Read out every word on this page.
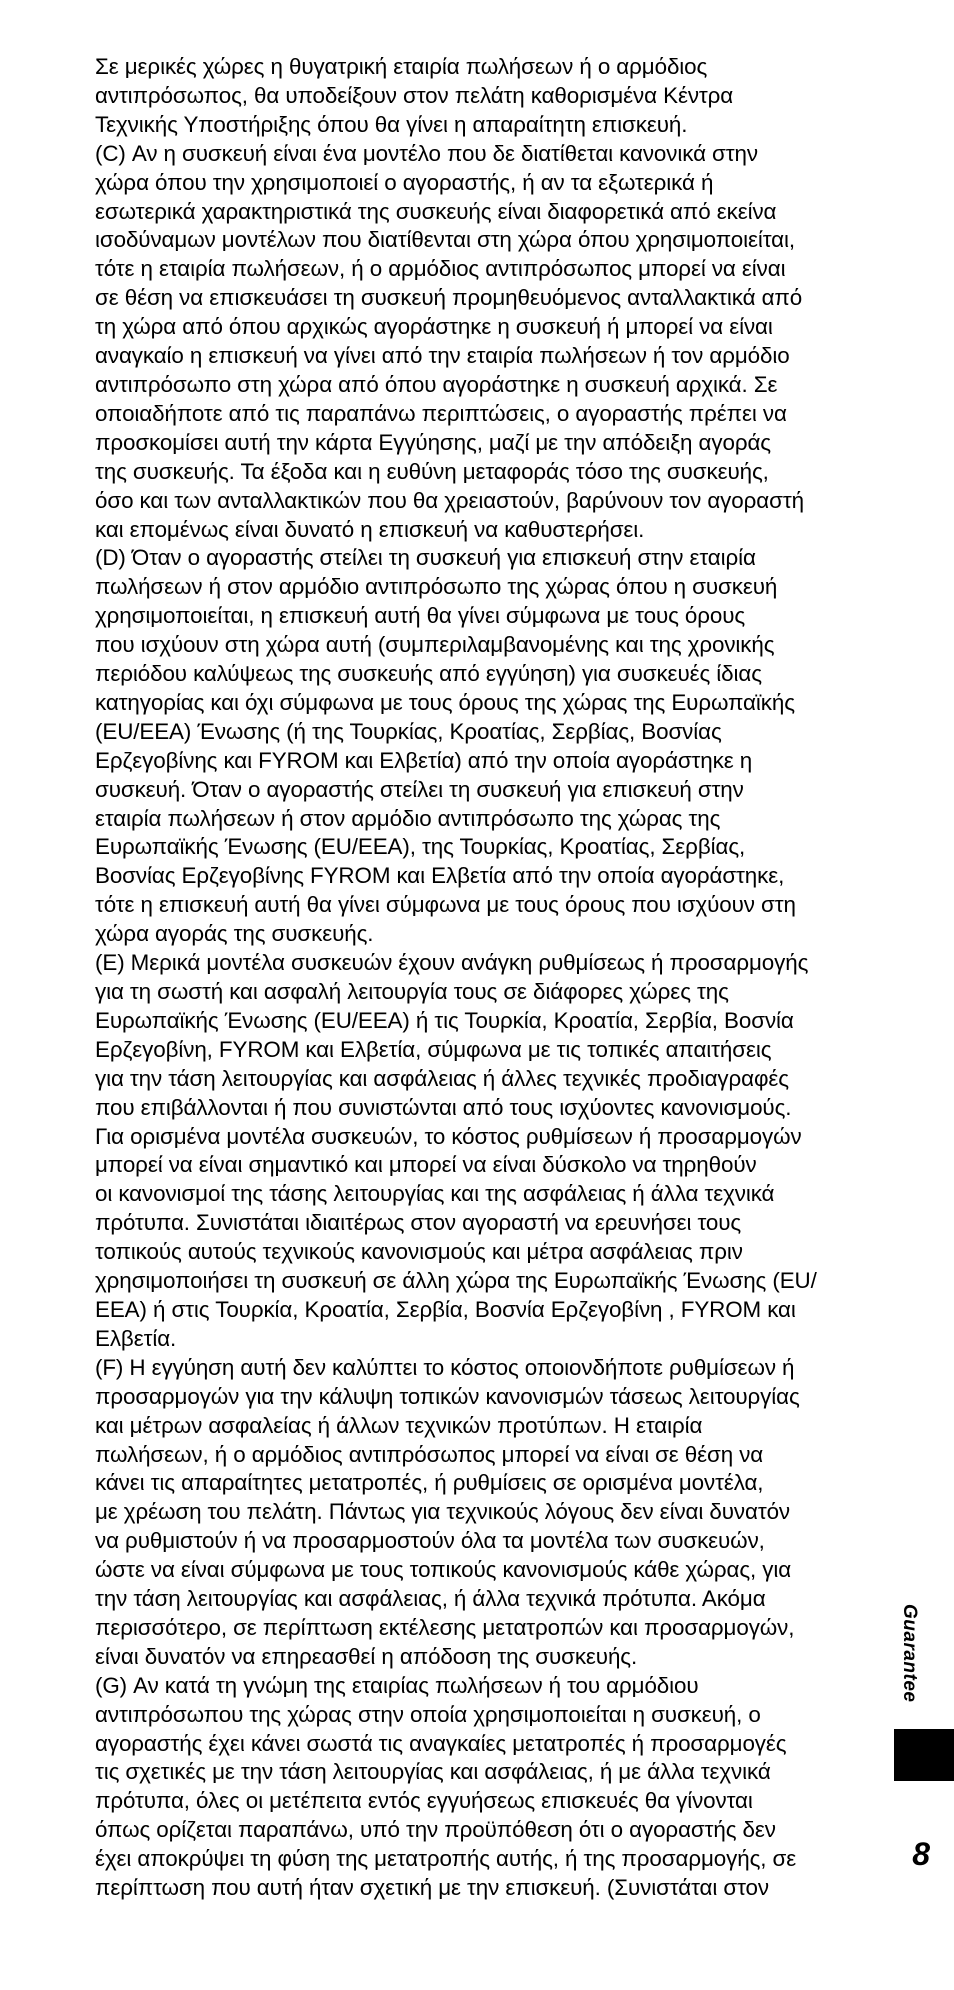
Σε μερικές χώρες η θυγατρική εταιρία πωλήσεων ή ο αρμόδιος
αντιπρόσωπος, θα υποδείξουν στον πελάτη καθορισμένα Κέντρα
Τεχνικής Υποστήριξης όπου θα γίνει η απαραίτητη επισκευή.
(C) Αν η συσκευή είναι ένα μοντέλο που δε διατίθεται κανονικά στην
χώρα όπου την χρησιμοποιεί ο αγοραστής, ή αν τα εξωτερικά ή
εσωτερικά χαρακτηριστικά της συσκευής είναι διαφορετικά από εκείνα
ισοδύναμων μοντέλων που διατίθενται στη χώρα όπου χρησιμοποιείται,
τότε η εταιρία πωλήσεων, ή ο αρμόδιος αντιπρόσωπος μπορεί να είναι
σε θέση να επισκευάσει τη συσκευή προμηθευόμενος ανταλλακτικά από
τη χώρα από όπου αρχικώς αγοράστηκε η συσκευή ή μπορεί να είναι
αναγκαίο η επισκευή να γίνει από την εταιρία πωλήσεων ή τον αρμόδιο
αντιπρόσωπο στη χώρα από όπου αγοράστηκε η συσκευή αρχικά. Σε
οποιαδήποτε από τις παραπάνω περιπτώσεις, ο αγοραστής πρέπει να
προσκομίσει αυτή την κάρτα Εγγύησης, μαζί με την απόδειξη αγοράς
της συσκευής. Τα έξοδα και η ευθύνη μεταφοράς τόσο της συσκευής,
όσο και των ανταλλακτικών που θα χρειαστούν, βαρύνουν τον αγοραστή
και επομένως είναι δυνατό η επισκευή να καθυστερήσει.
(D) Όταν ο αγοραστής στείλει τη συσκευή για επισκευή στην εταιρία
πωλήσεων ή στον αρμόδιο αντιπρόσωπο της χώρας όπου η συσκευή
χρησιμοποιείται, η επισκευή αυτή θα γίνει σύμφωνα με τους όρους
που ισχύουν στη χώρα αυτή (συμπεριλαμβανομένης και της χρονικής
περιόδου καλύψεως της συσκευής από εγγύηση) για συσκευές ίδιας
κατηγορίας και όχι σύμφωνα με τους όρους της χώρας της Ευρωπαϊκής
(EU/EEA) Ένωσης (ή της Τουρκίας, Κροατίας, Σερβίας, Βοσνίας
Ερζεγοβίνης και FYROM και Ελβετία) από την οποία αγοράστηκε η
συσκευή. Όταν ο αγοραστής στείλει τη συσκευή για επισκευή στην
εταιρία πωλήσεων ή στον αρμόδιο αντιπρόσωπο της χώρας της
Ευρωπαϊκής Ένωσης (EU/EEA), της Τουρκίας, Κροατίας, Σερβίας,
Βοσνίας Ερζεγοβίνης FYROM και Ελβετία από την οποία αγοράστηκε,
τότε η επισκευή αυτή θα γίνει σύμφωνα με τους όρους που ισχύουν στη
χώρα αγοράς της συσκευής.
(E) Μερικά μοντέλα συσκευών έχουν ανάγκη ρυθμίσεως ή προσαρμογής
για τη σωστή και ασφαλή λειτουργία τους σε διάφορες χώρες της
Ευρωπαϊκής Ένωσης (EU/EEA) ή τις Τουρκία, Κροατία, Σερβία, Βοσνία
Ερζεγοβίνη, FYROM και Ελβετία, σύμφωνα με τις τοπικές απαιτήσεις
για την τάση λειτουργίας και ασφάλειας ή άλλες τεχνικές προδιαγραφές
που επιβάλλονται ή που συνιστώνται από τους ισχύοντες κανονισμούς.
Για ορισμένα μοντέλα συσκευών, το κόστος ρυθμίσεων ή προσαρμογών
μπορεί να είναι σημαντικό και μπορεί να είναι δύσκολο να τηρηθούν
οι κανονισμοί της τάσης λειτουργίας και της ασφάλειας ή άλλα τεχνικά
πρότυπα. Συνιστάται ιδιαιτέρως στον αγοραστή να ερευνήσει τους
τοπικούς αυτούς τεχνικούς κανονισμούς και μέτρα ασφάλειας πριν
χρησιμοποιήσει τη συσκευή σε άλλη χώρα της Ευρωπαϊκής Ένωσης (EU/
EEA) ή στις Τουρκία, Κροατία, Σερβία, Βοσνία Ερζεγοβίνη , FYROM και
Ελβετία.
(F) Η εγγύηση αυτή δεν καλύπτει το κόστος οποιονδήποτε ρυθμίσεων ή
προσαρμογών για την κάλυψη τοπικών κανονισμών τάσεως λειτουργίας
και μέτρων ασφαλείας ή άλλων τεχνικών προτύπων. Η εταιρία
πωλήσεων, ή ο αρμόδιος αντιπρόσωπος μπορεί να είναι σε θέση να
κάνει τις απαραίτητες μετατροπές, ή ρυθμίσεις σε ορισμένα μοντέλα,
με χρέωση του πελάτη. Πάντως για τεχνικούς λόγους δεν είναι δυνατόν
να ρυθμιστούν ή να προσαρμοστούν όλα τα μοντέλα των συσκευών,
ώστε να είναι σύμφωνα με τους τοπικούς κανονισμούς κάθε χώρας, για
την τάση λειτουργίας και ασφάλειας, ή άλλα τεχνικά πρότυπα. Ακόμα
περισσότερο, σε περίπτωση εκτέλεσης μετατροπών και προσαρμογών,
είναι δυνατόν να επηρεασθεί η απόδοση της συσκευής.
(G) Αν κατά τη γνώμη της εταιρίας πωλήσεων ή του αρμόδιου
αντιπρόσωπου της χώρας στην οποία χρησιμοποιείται η συσκευή, ο
αγοραστής έχει κάνει σωστά τις αναγκαίες μετατροπές ή προσαρμογές
τις σχετικές με την τάση λειτουργίας και ασφάλειας, ή με άλλα τεχνικά
πρότυπα, όλες οι μετέπειτα εντός εγγυήσεως επισκευές θα γίνονται
όπως ορίζεται παραπάνω, υπό την προϋπόθεση ότι ο αγοραστής δεν
έχει αποκρύψει τη φύση της μετατροπής αυτής, ή της προσαρμογής, σε
περίπτωση που αυτή ήταν σχετική με την επισκευή. (Συνιστάται στον
Guarantee
8
